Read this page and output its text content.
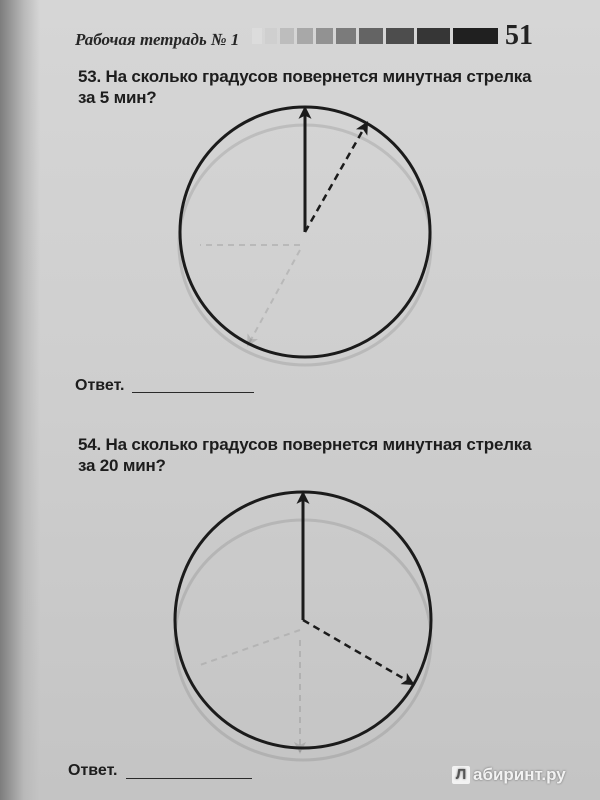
Рабочая тетрадь № 1	51
53. На сколько градусов повернется минутная стрелка
за 5 мин?
54. На сколько градусов повернется минутная стрелка
за 20 мин?
Ответ.
Ответ.	Л абиринт.ру
